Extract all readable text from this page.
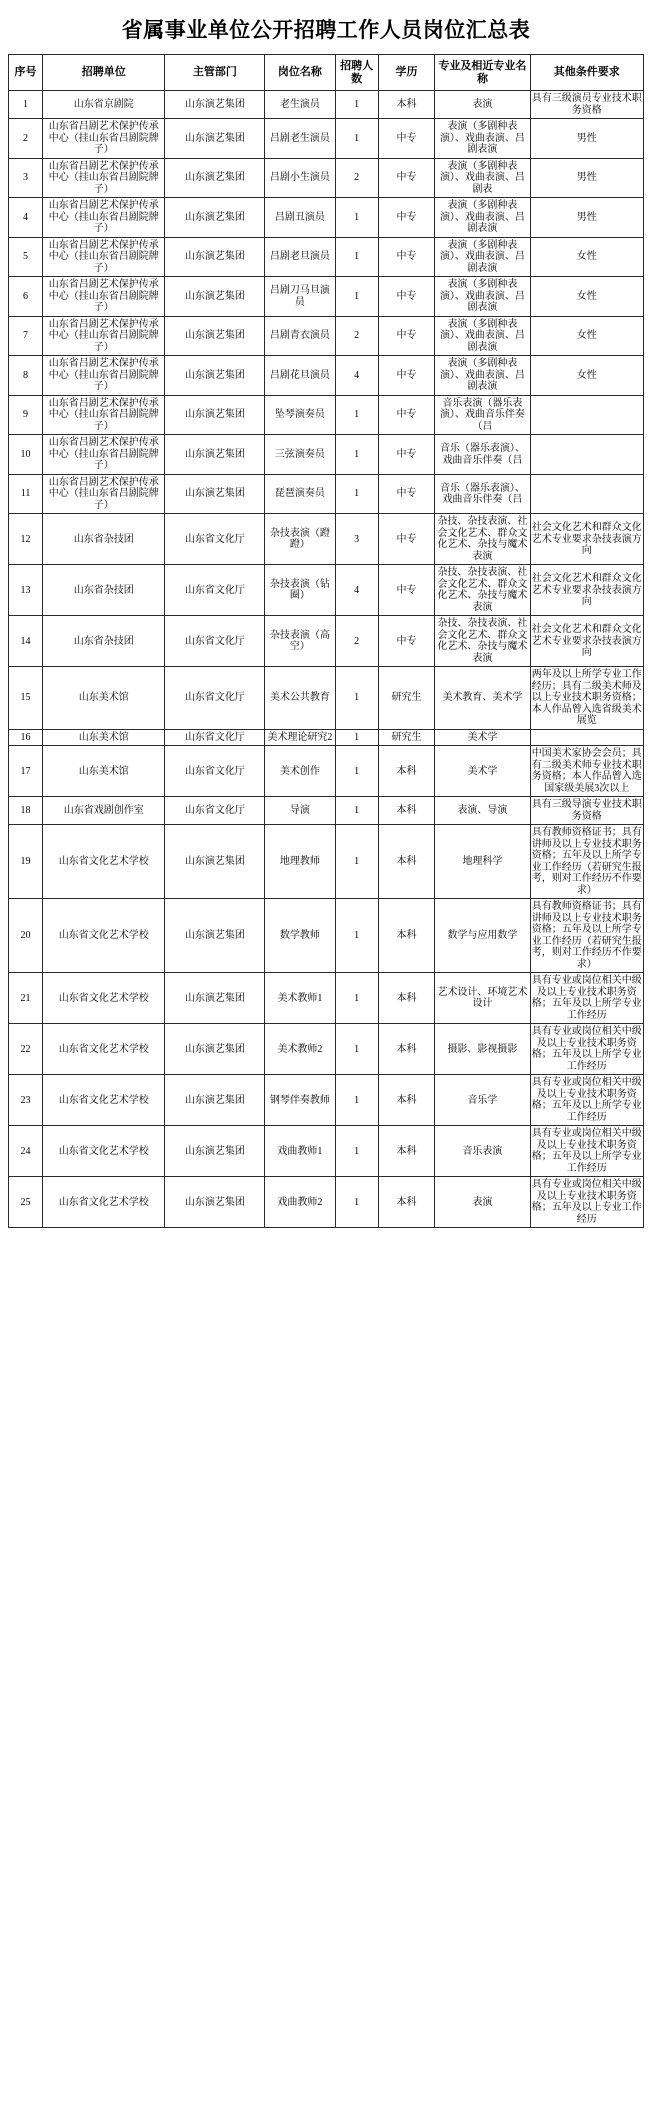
省属事业单位公开招聘工作人员岗位汇总表
序号	招聘单位	主管部门	岗位名称	招聘人数	学历	专业及相近专业名称	其他条件要求
1	山东省京剧院	山东演艺集团	老生演员	1	本科	表演	具有三级演员专业技术职务资格
2	山东省吕剧艺术保护传承中心（挂山东省吕剧院牌子）	山东演艺集团	吕剧老生演员	1	中专	表演（多剧种表演）、戏曲表演、吕剧表演	男性
3	山东省吕剧艺术保护传承中心（挂山东省吕剧院牌子）	山东演艺集团	吕剧小生演员	2	中专	表演（多剧种表演）、戏曲表演、吕剧表	男性
4	山东省吕剧艺术保护传承中心（挂山东省吕剧院牌子）	山东演艺集团	吕剧丑演员	1	中专	表演（多剧种表演）、戏曲表演、吕剧表演	男性
5	山东省吕剧艺术保护传承中心（挂山东省吕剧院牌子）	山东演艺集团	吕剧老旦演员	1	中专	表演（多剧种表演）、戏曲表演、吕剧表演	女性
6	山东省吕剧艺术保护传承中心（挂山东省吕剧院牌子）	山东演艺集团	吕剧刀马旦演员	1	中专	表演（多剧种表演）、戏曲表演、吕剧表演	女性
7	山东省吕剧艺术保护传承中心（挂山东省吕剧院牌子）	山东演艺集团	吕剧青衣演员	2	中专	表演（多剧种表演）、戏曲表演、吕剧表演	女性
8	山东省吕剧艺术保护传承中心（挂山东省吕剧院牌子）	山东演艺集团	吕剧花旦演员	4	中专	表演（多剧种表演）、戏曲表演、吕剧表演	女性
9	山东省吕剧艺术保护传承中心（挂山东省吕剧院牌子）	山东演艺集团	坠琴演奏员	1	中专	音乐表演（器乐表演）、戏曲音乐伴奏（吕	
10	山东省吕剧艺术保护传承中心（挂山东省吕剧院牌子）	山东演艺集团	三弦演奏员	1	中专	音乐（器乐表演）、戏曲音乐伴奏（吕	
11	山东省吕剧艺术保护传承中心（挂山东省吕剧院牌子）	山东演艺集团	琵琶演奏员	1	中专	音乐（器乐表演）、戏曲音乐伴奏（吕	
12	山东省杂技团	山东省文化厅	杂技表演（蹬蹬）	3	中专	杂技、杂技表演、社会文化艺术、群众文化艺术、杂技与魔术表演	社会文化艺术和群众文化艺术专业要求杂技表演方向
13	山东省杂技团	山东省文化厅	杂技表演（钻圈）	4	中专	杂技、杂技表演、社会文化艺术、群众文化艺术、杂技与魔术表演	社会文化艺术和群众文化艺术专业要求杂技表演方向
14	山东省杂技团	山东省文化厅	杂技表演（高空）	2	中专	杂技、杂技表演、社会文化艺术、群众文化艺术、杂技与魔术表演	社会文化艺术和群众文化艺术专业要求杂技表演方向
15	山东美术馆	山东省文化厅	美术公共教育	1	研究生	美术教育、美术学	两年及以上所学专业工作经历；具有二级美术师及以上专业技术职务资格；本人作品曾入选省级美术展览
16	山东美术馆	山东省文化厅	美术理论研究2	1	研究生	美术学	
17	山东美术馆	山东省文化厅	美术创作	1	本科	美术学	中国美术家协会会员；具有二级美术师专业技术职务资格；本人作品曾入选国家级美展3次以上
18	山东省戏剧创作室	山东省文化厅	导演	1	本科	表演、导演	具有三级导演专业技术职务资格
19	山东省文化艺术学校	山东演艺集团	地理教师	1	本科	地理科学	具有教师资格证书；具有讲师及以上专业技术职务资格；五年及以上所学专业工作经历（若研究生报考，则对工作经历不作要求）
20	山东省文化艺术学校	山东演艺集团	数学教师	1	本科	数学与应用数学	具有教师资格证书；具有讲师及以上专业技术职务资格；五年及以上所学专业工作经历（若研究生报考，则对工作经历不作要求）
21	山东省文化艺术学校	山东演艺集团	美术教师1	1	本科	艺术设计、环境艺术设计	具有专业或岗位相关中级及以上专业技术职务资格；五年及以上所学专业工作经历
22	山东省文化艺术学校	山东演艺集团	美术教师2	1	本科	摄影、影视摄影	具有专业或岗位相关中级及以上专业技术职务资格；五年及以上所学专业工作经历
23	山东省文化艺术学校	山东演艺集团	钢琴伴奏教师	1	本科	音乐学	具有专业或岗位相关中级及以上专业技术职务资格；五年及以上所学专业工作经历
24	山东省文化艺术学校	山东演艺集团	戏曲教师1	1	本科	音乐表演	具有专业或岗位相关中级及以上专业技术职务资格；五年及以上所学专业工作经历
25	山东省文化艺术学校	山东演艺集团	戏曲教师2	1	本科	表演	具有专业或岗位相关中级及以上专业技术职务资格；五年及以上专业工作经历
